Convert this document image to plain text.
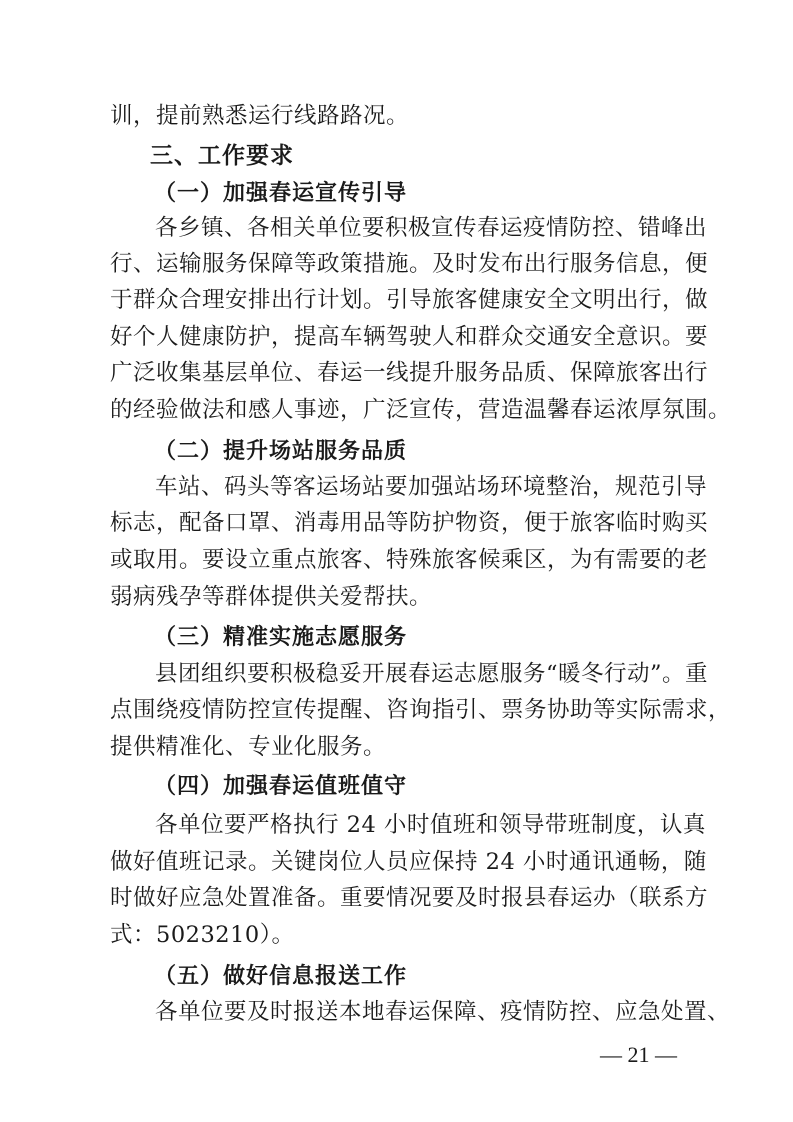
训，提前熟悉运行线路路况。
三、工作要求
（一）加强春运宣传引导
各乡镇、各相关单位要积极宣传春运疫情防控、错峰出
行、运输服务保障等政策措施。及时发布出行服务信息，便
于群众合理安排出行计划。引导旅客健康安全文明出行，做
好个人健康防护，提高车辆驾驶人和群众交通安全意识。要
广泛收集基层单位、春运一线提升服务品质、保障旅客出行
的经验做法和感人事迹，广泛宣传，营造温馨春运浓厚氛围。
（二）提升场站服务品质
车站、码头等客运场站要加强站场环境整治，规范引导
标志，配备口罩、消毒用品等防护物资，便于旅客临时购买
或取用。要设立重点旅客、特殊旅客候乘区，为有需要的老
弱病残孕等群体提供关爱帮扶。
（三）精准实施志愿服务
县团组织要积极稳妥开展春运志愿服务“暖冬行动”。重
点围绕疫情防控宣传提醒、咨询指引、票务协助等实际需求，
提供精准化、专业化服务。
（四）加强春运值班值守
各单位要严格执行 24 小时值班和领导带班制度，认真
做好值班记录。关键岗位人员应保持 24 小时通讯通畅，随
时做好应急处置准备。重要情况要及时报县春运办（联系方
式：5023210）。
（五）做好信息报送工作
各单位要及时报送本地春运保障、疫情防控、应急处置、
— 21 —
